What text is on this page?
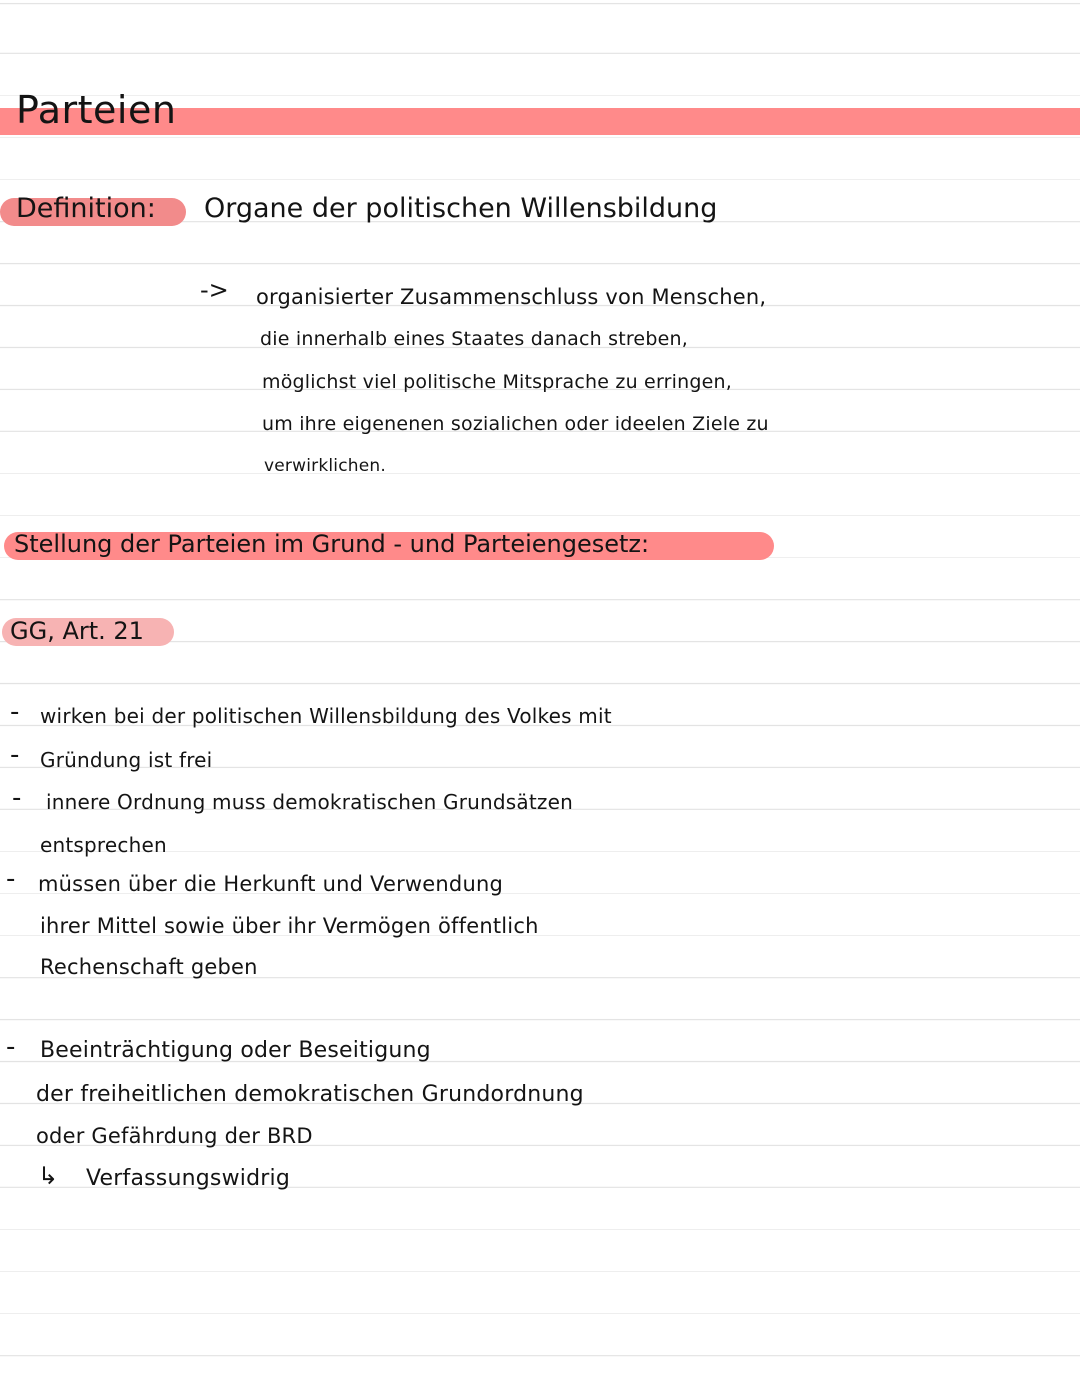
Parteien
Definition: Organe der politischen Willensbildung
-> organisierter Zusammenschluss von Menschen,
die innerhalb eines Staates danach streben,
möglichst viel politische Mitsprache zu erringen,
um ihre eigenenen sozialichen oder ideelen Ziele zu
verwirklichen.
Stellung der Parteien im Grund - und Parteiengesetz:
GG, Art. 21
- wirken bei der politischen Willensbildung des Volkes mit
- Gründung ist frei
- innere Ordnung muss demokratischen Grundsätzen
entsprechen
- müssen über die Herkunft und Verwendung
ihrer Mittel sowie über ihr Vermögen öffentlich
Rechenschaft geben
- Beeinträchtigung oder Beseitigung
der freiheitlichen demokratischen Grundordnung
oder Gefährdung der BRD
↳ Verfassungswidrig
